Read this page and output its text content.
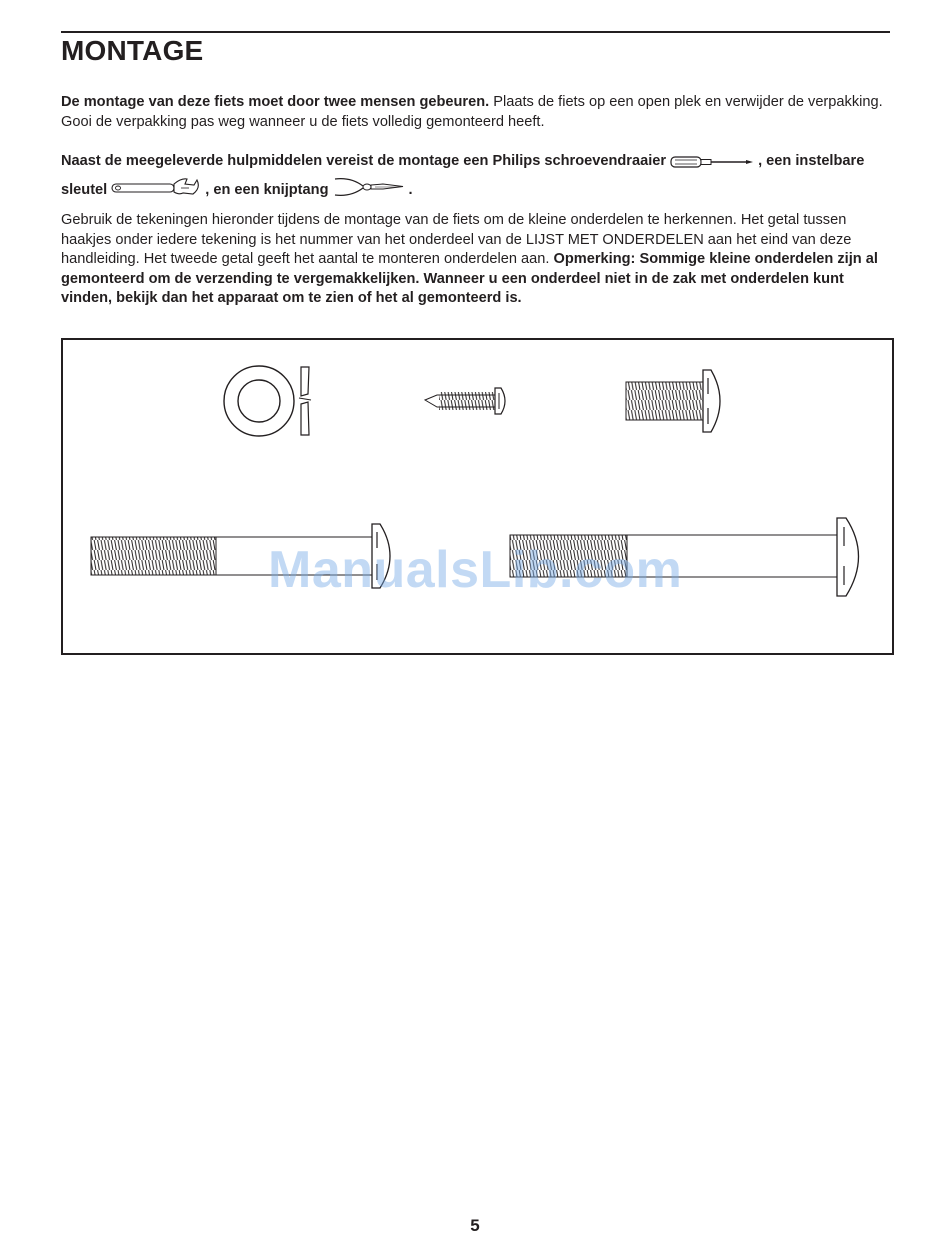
MONTAGE

De montage van deze fiets moet door twee mensen gebeuren. Plaats de fiets op een open plek en verwijder de verpakking. Gooi de verpakking pas weg wanneer u de fiets volledig gemonteerd heeft.

Naast de meegeleverde hulpmiddelen vereist de montage een Philips schroevendraaier	, een instelbare sleutel	, en een knijptang	.

Gebruik de tekeningen hieronder tijdens de montage van de fiets om de kleine onderdelen te herkennen. Het getal tussen haakjes onder iedere tekening is het nummer van het onderdeel van de LIJST MET ONDERDELEN aan het eind van deze handleiding. Het tweede getal geeft het aantal te monteren onderdelen aan. Opmerking: Sommige kleine onderdelen zijn al gemonteerd om de verzending te vergemakkelijken. Wanneer u een onderdeel niet in de zak met onderdelen kunt vinden, bekijk dan het apparaat om te zien of het al gemonteerd is.

ManualsLib.com
5
